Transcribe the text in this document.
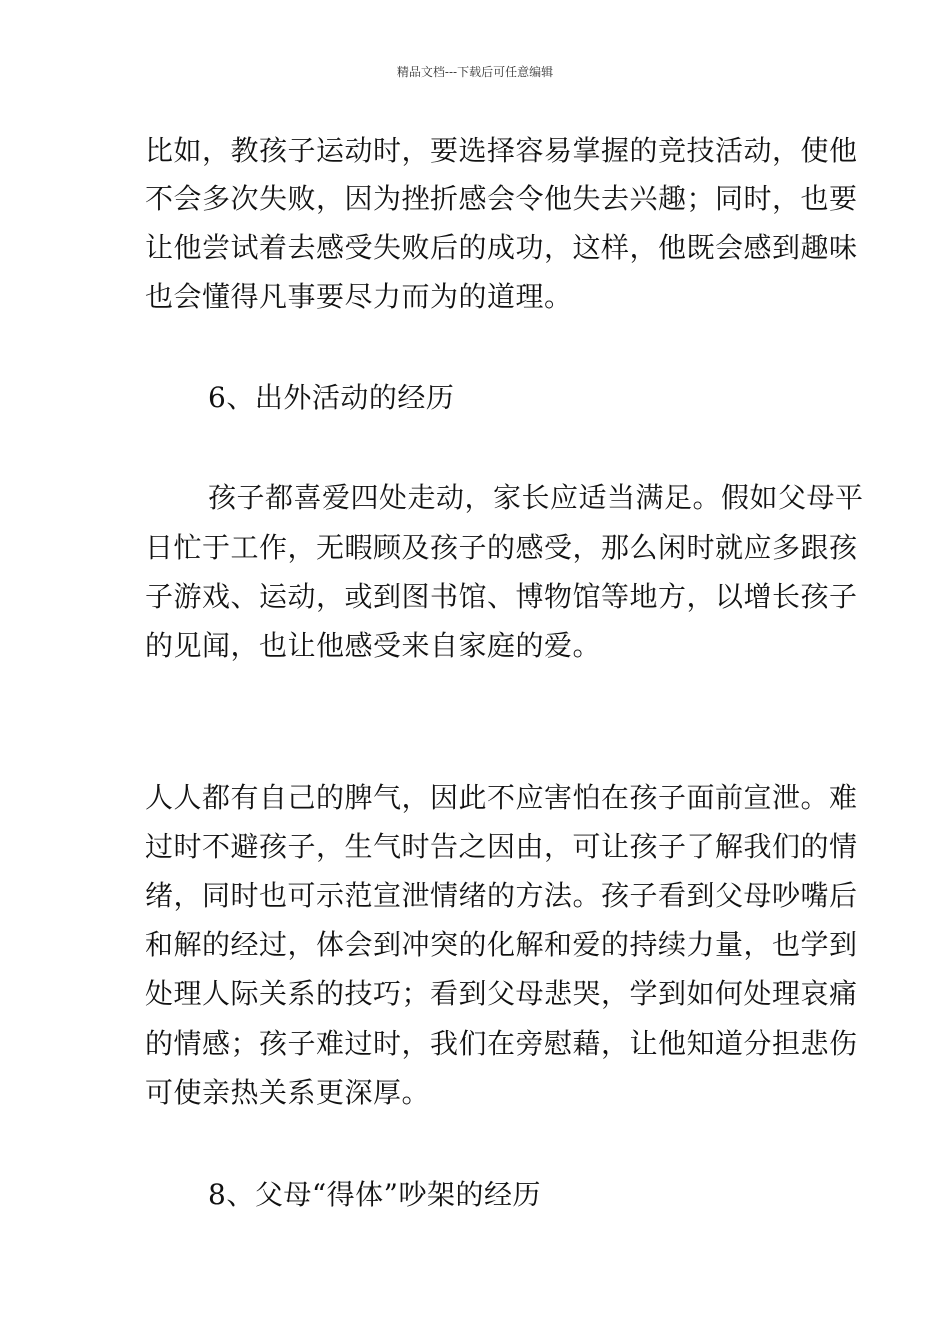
精品文档---下载后可任意编辑
比如，教孩子运动时，要选择容易掌握的竞技活动，使他
不会多次失败，因为挫折感会令他失去兴趣；同时，也要
让他尝试着去感受失败后的成功，这样，他既会感到趣味
也会懂得凡事要尽力而为的道理。
6、出外活动的经历
孩子都喜爱四处走动，家长应适当满足。假如父母平
日忙于工作，无暇顾及孩子的感受，那么闲时就应多跟孩
子游戏、运动，或到图书馆、博物馆等地方，以增长孩子
的见闻，也让他感受来自家庭的爱。
人人都有自己的脾气，因此不应害怕在孩子面前宣泄。难
过时不避孩子，生气时告之因由，可让孩子了解我们的情
绪，同时也可示范宣泄情绪的方法。孩子看到父母吵嘴后
和解的经过，体会到冲突的化解和爱的持续力量，也学到
处理人际关系的技巧；看到父母悲哭，学到如何处理哀痛
的情感；孩子难过时，我们在旁慰藉，让他知道分担悲伤
可使亲热关系更深厚。
8、父母“得体”吵架的经历
